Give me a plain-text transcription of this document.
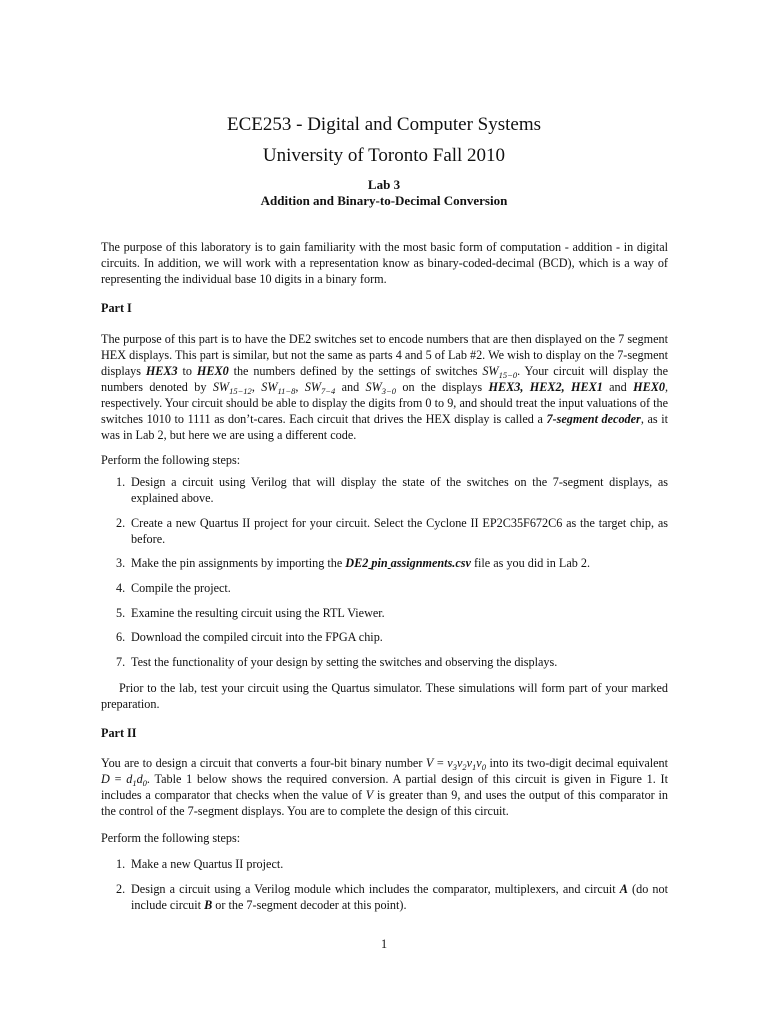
ECE253 - Digital and Computer Systems
University of Toronto Fall 2010
Lab 3
Addition and Binary-to-Decimal Conversion
The purpose of this laboratory is to gain familiarity with the most basic form of computation - addition - in digital circuits. In addition, we will work with a representation know as binary-coded-decimal (BCD), which is a way of representing the individual base 10 digits in a binary form.
Part I
The purpose of this part is to have the DE2 switches set to encode numbers that are then displayed on the 7 segment HEX displays. This part is similar, but not the same as parts 4 and 5 of Lab #2. We wish to display on the 7-segment displays HEX3 to HEX0 the numbers defined by the settings of switches $SW_{15-0}$. Your circuit will display the numbers denoted by $SW_{15-12}$, $SW_{11-8}$, $SW_{7-4}$ and $SW_{3-0}$ on the displays HEX3, HEX2, HEX1 and HEX0, respectively. Your circuit should be able to display the digits from 0 to 9, and should treat the input valuations of the switches 1010 to 1111 as don’t-cares. Each circuit that drives the HEX display is called a 7-segment decoder, as it was in Lab 2, but here we are using a different code.
Perform the following steps:
1. Design a circuit using Verilog that will display the state of the switches on the 7-segment displays, as explained above.
2. Create a new Quartus II project for your circuit. Select the Cyclone II EP2C35F672C6 as the target chip, as before.
3. Make the pin assignments by importing the DE2 pin assignments.csv file as you did in Lab 2.
4. Compile the project.
5. Examine the resulting circuit using the RTL Viewer.
6. Download the compiled circuit into the FPGA chip.
7. Test the functionality of your design by setting the switches and observing the displays.
Prior to the lab, test your circuit using the Quartus simulator. These simulations will form part of your marked preparation.
Part II
You are to design a circuit that converts a four-bit binary number $V = v_3v_2v_1v_0$ into its two-digit decimal equivalent $D = d_1d_0$. Table 1 below shows the required conversion. A partial design of this circuit is given in Figure 1. It includes a comparator that checks when the value of V is greater than 9, and uses the output of this comparator in the control of the 7-segment displays. You are to complete the design of this circuit.
Perform the following steps:
1. Make a new Quartus II project.
2. Design a circuit using a Verilog module which includes the comparator, multiplexers, and circuit A (do not include circuit B or the 7-segment decoder at this point).
1
